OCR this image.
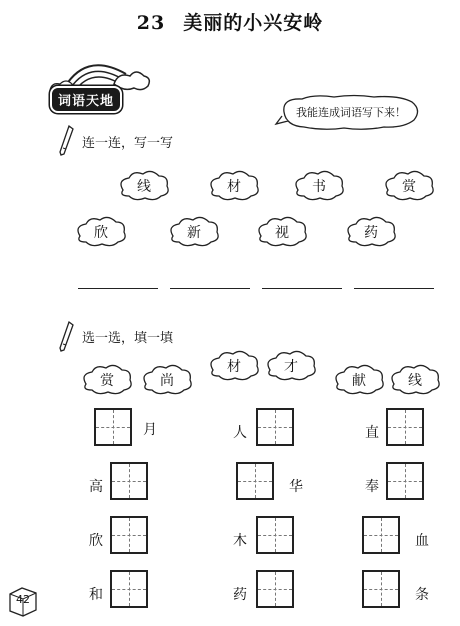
23 美丽的小兴安岭
词语天地
我能连成词语写下来！
连一连，写一写
线	材	书	赏
欣	新	视	药
选一选，填一填
赏	尚
材	才
献	线
月	人	直
高	华	奉
欣	木	血
和	药	条
42
